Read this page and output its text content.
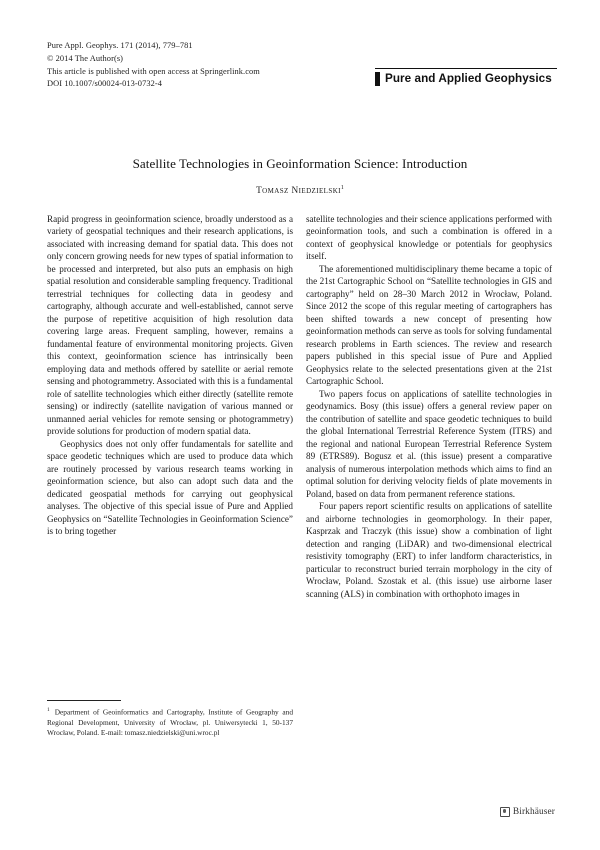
Pure Appl. Geophys. 171 (2014), 779–781
© 2014 The Author(s)
This article is published with open access at Springerlink.com
DOI 10.1007/s00024-013-0732-4	Pure and Applied Geophysics
Satellite Technologies in Geoinformation Science: Introduction
Tomasz Niedzielski$^1$

Rapid progress in geoinformation science, broadly understood as a variety of geospatial techniques and their research applications, is associated with increasing demand for spatial data. This does not only concern growing needs for new types of spatial information to be processed and interpreted, but also puts an emphasis on high spatial resolution and considerable sampling frequency. Traditional terrestrial techniques for collecting data in geodesy and cartography, although accurate and well-established, cannot serve the purpose of repetitive acquisition of high resolution data covering large areas. Frequent sampling, however, remains a fundamental feature of environmental monitoring projects. Given this context, geoinformation science has intrinsically been employing data and methods offered by satellite or aerial remote sensing and photogrammetry. Associated with this is a fundamental role of satellite technologies which either directly (satellite remote sensing) or indirectly (satellite navigation of various manned or unmanned aerial vehicles for remote sensing or photogrammetry) provide solutions for production of modern spatial data.

Geophysics does not only offer fundamentals for satellite and space geodetic techniques which are used to produce data which are routinely processed by various research teams working in geoinformation science, but also can adopt such data and the dedicated geospatial methods for carrying out geophysical analyses. The objective of this special issue of Pure and Applied Geophysics on “Satellite Technologies in Geoinformation Science” is to bring together

satellite technologies and their science applications performed with geoinformation tools, and such a combination is offered in a context of geophysical knowledge or potentials for geophysics itself.

The aforementioned multidisciplinary theme became a topic of the 21st Cartographic School on “Satellite technologies in GIS and cartography” held on 28–30 March 2012 in Wrocław, Poland. Since 2012 the scope of this regular meeting of cartographers has been shifted towards a new concept of presenting how geoinformation methods can serve as tools for solving fundamental research problems in Earth sciences. The review and research papers published in this special issue of Pure and Applied Geophysics relate to the selected presentations given at the 21st Cartographic School.

Two papers focus on applications of satellite technologies in geodynamics. Bosy (this issue) offers a general review paper on the contribution of satellite and space geodetic techniques to build the global International Terrestrial Reference System (ITRS) and the regional and national European Terrestrial Reference System 89 (ETRS89). Bogusz et al. (this issue) present a comparative analysis of numerous interpolation methods which aims to find an optimal solution for deriving velocity fields of plate movements in Poland, based on data from permanent reference stations.

Four papers report scientific results on applications of satellite and airborne technologies in geomorphology. In their paper, Kasprzak and Traczyk (this issue) show a combination of light detection and ranging (LiDAR) and two-dimensional electrical resistivity tomography (ERT) to infer landform characteristics, in particular to reconstruct buried terrain morphology in the city of Wrocław, Poland. Szostak et al. (this issue) use airborne laser scanning (ALS) in combination with orthophoto images in

$^1$ Department of Geoinformatics and Cartography, Institute of Geography and Regional Development, University of Wrocław, pl. Uniwersytecki 1, 50-137 Wrocław, Poland. E-mail: tomasz.niedzielski@uni.wroc.pl
Birkhäuser
